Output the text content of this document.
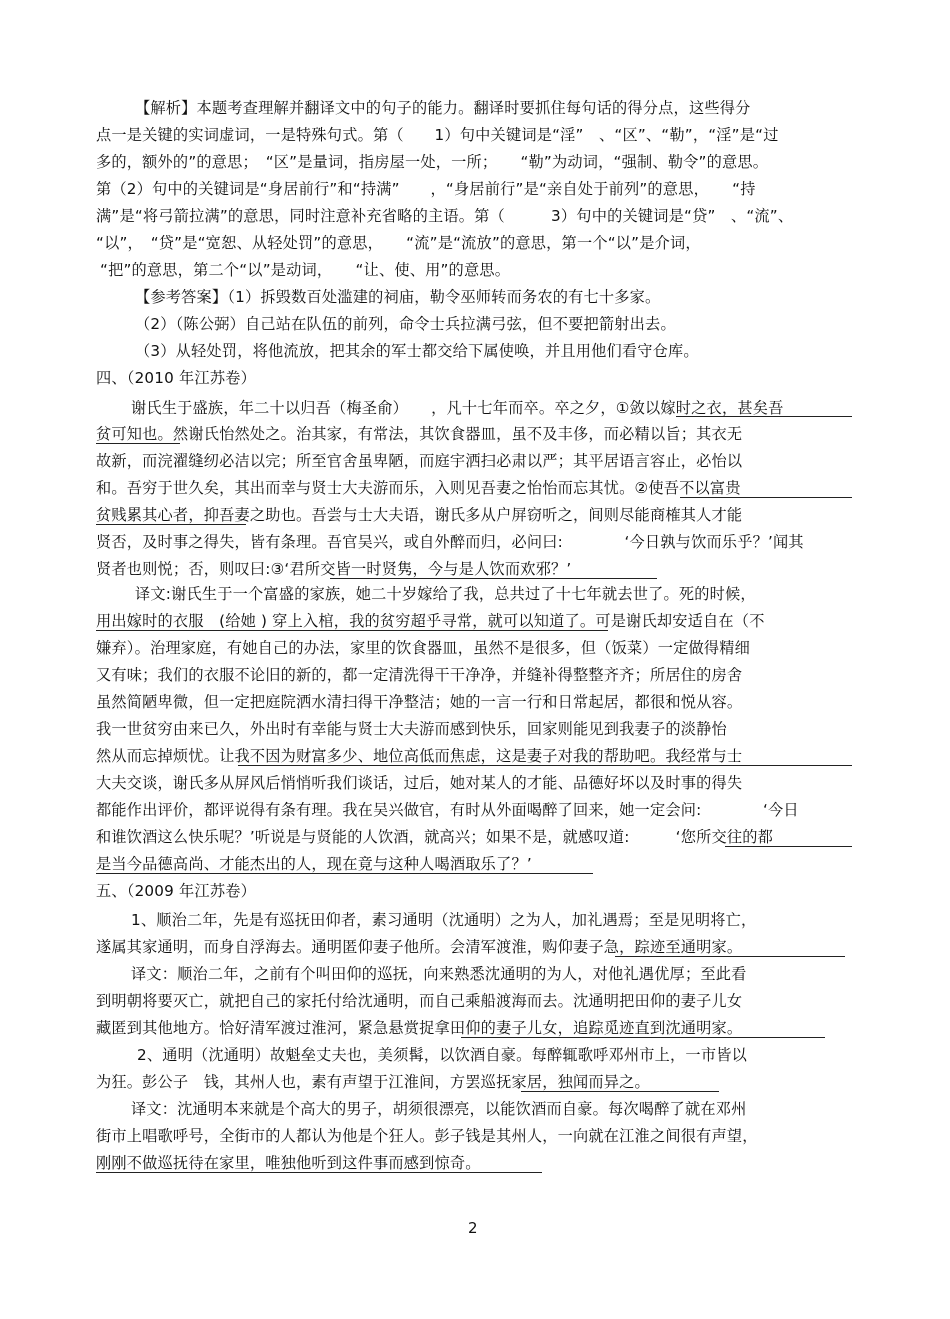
【解析】本题考查理解并翻译文中的句子的能力。翻译时要抓住每句话的得分点，这些得分
点一是关键的实词虚词，一是特殊句式。第（　　1）句中关键词是“淫”　、“区”、“勒”，“淫”是“过
多的，额外的”的意思；　“区”是量词，指房屋一处，一所；　　“勒”为动词，“强制、勒令”的意思。
第（2）句中的关键词是“身居前行”和“持满”　　，“身居前行”是“亲自处于前列”的意思，　　“持
满”是“将弓箭拉满”的意思，同时注意补充省略的主语。第（　　　3）句中的关键词是“贷”　、“流”、
“以”，　“贷”是“宽恕、从轻处罚”的意思，　　“流”是“流放”的意思，第一个“以”是介词，
“把”的意思，第二个“以”是动词，　　“让、使、用”的意思。
【参考答案】（1）拆毁数百处滥建的祠庙，勒令巫师转而务农的有七十多家。
（2）（陈公弼）自己站在队伍的前列，命令士兵拉满弓弦，但不要把箭射出去。
（3）从轻处罚，将他流放，把其余的军士都交给下属使唤，并且用他们看守仓库。
四、（2010 年江苏卷）
谢氏生于盛族，年二十以归吾（梅圣俞）　　，凡十七年而卒。卒之夕，①敛以嫁时之衣，甚矣吾
贫可知也。然谢氏怡然处之。治其家，有常法，其饮食器皿，虽不及丰侈，而必精以旨；其衣无
故新，而浣濯缝纫必洁以完；所至官舍虽卑陋，而庭宇洒扫必肃以严；其平居语言容止，必怡以
和。吾穷于世久矣，其出而幸与贤士大夫游而乐，入则见吾妻之怡怡而忘其忧。②使吾不以富贵
贫贱累其心者，抑吾妻之助也。吾尝与士大夫语，谢氏多从户屏窃听之，间则尽能商榷其人才能
贤否，及时事之得失，皆有条理。吾官吴兴，或自外醉而归，必问曰:　　　　‘今日孰与饮而乐乎？’闻其
贤者也则悦；否，则叹曰:③‘君所交皆一时贤隽，今与是人饮而欢邪？’
译文:谢氏生于一个富盛的家族，她二十岁嫁给了我，总共过了十七年就去世了。死的时候，
用出嫁时的衣服　(给她 ) 穿上入棺，我的贫穷超乎寻常，就可以知道了。可是谢氏却安适自在（不
嫌弃）。治理家庭，有她自己的办法，家里的饮食器皿，虽然不是很多，但（饭菜）一定做得精细
又有味；我们的衣服不论旧的新的，都一定清洗得干干净净，并缝补得整整齐齐；所居住的房舍
虽然简陋卑微，但一定把庭院洒水清扫得干净整洁；她的一言一行和日常起居，都很和悦从容。
我一世贫穷由来已久，外出时有幸能与贤士大夫游而感到快乐，回家则能见到我妻子的淡静怡
然从而忘掉烦忧。让我不因为财富多少、地位高低而焦虑，这是妻子对我的帮助吧。我经常与士
大夫交谈，谢氏多从屏风后悄悄听我们谈话，过后，她对某人的才能、品德好坏以及时事的得失
都能作出评价，都评说得有条有理。我在吴兴做官，有时从外面喝醉了回来，她一定会问:　　　　‘今日
和谁饮酒这么快乐呢？’听说是与贤能的人饮酒，就高兴；如果不是，就感叹道:　　　‘您所交往的都
是当今品德高尚、才能杰出的人，现在竟与这种人喝酒取乐了？’
五、（2009 年江苏卷）
1、顺治二年，先是有巡抚田仰者，素习通明（沈通明）之为人，加礼遇焉；至是见明将亡，
遂属其家通明，而身自浮海去。通明匿仰妻子他所。会清军渡淮，购仰妻子急，踪迹至通明家。
译文：顺治二年，之前有个叫田仰的巡抚，向来熟悉沈通明的为人，对他礼遇优厚；至此看
到明朝将要灭亡，就把自己的家托付给沈通明，而自己乘船渡海而去。沈通明把田仰的妻子儿女
藏匿到其他地方。恰好清军渡过淮河，紧急悬赏捉拿田仰的妻子儿女，追踪觅迹直到沈通明家。
2、通明（沈通明）故魁垒丈夫也，美须髯，以饮酒自豪。每醉辄歌呼邓州市上，一市皆以
为狂。彭公子　钱，其州人也，素有声望于江淮间，方罢巡抚家居，独闻而异之。
译文：沈通明本来就是个高大的男子，胡须很漂亮，以能饮酒而自豪。每次喝醉了就在邓州
街市上唱歌呼号，全街市的人都认为他是个狂人。彭子钱是其州人，一向就在江淮之间很有声望，
刚刚不做巡抚待在家里，唯独他听到这件事而感到惊奇。
2
